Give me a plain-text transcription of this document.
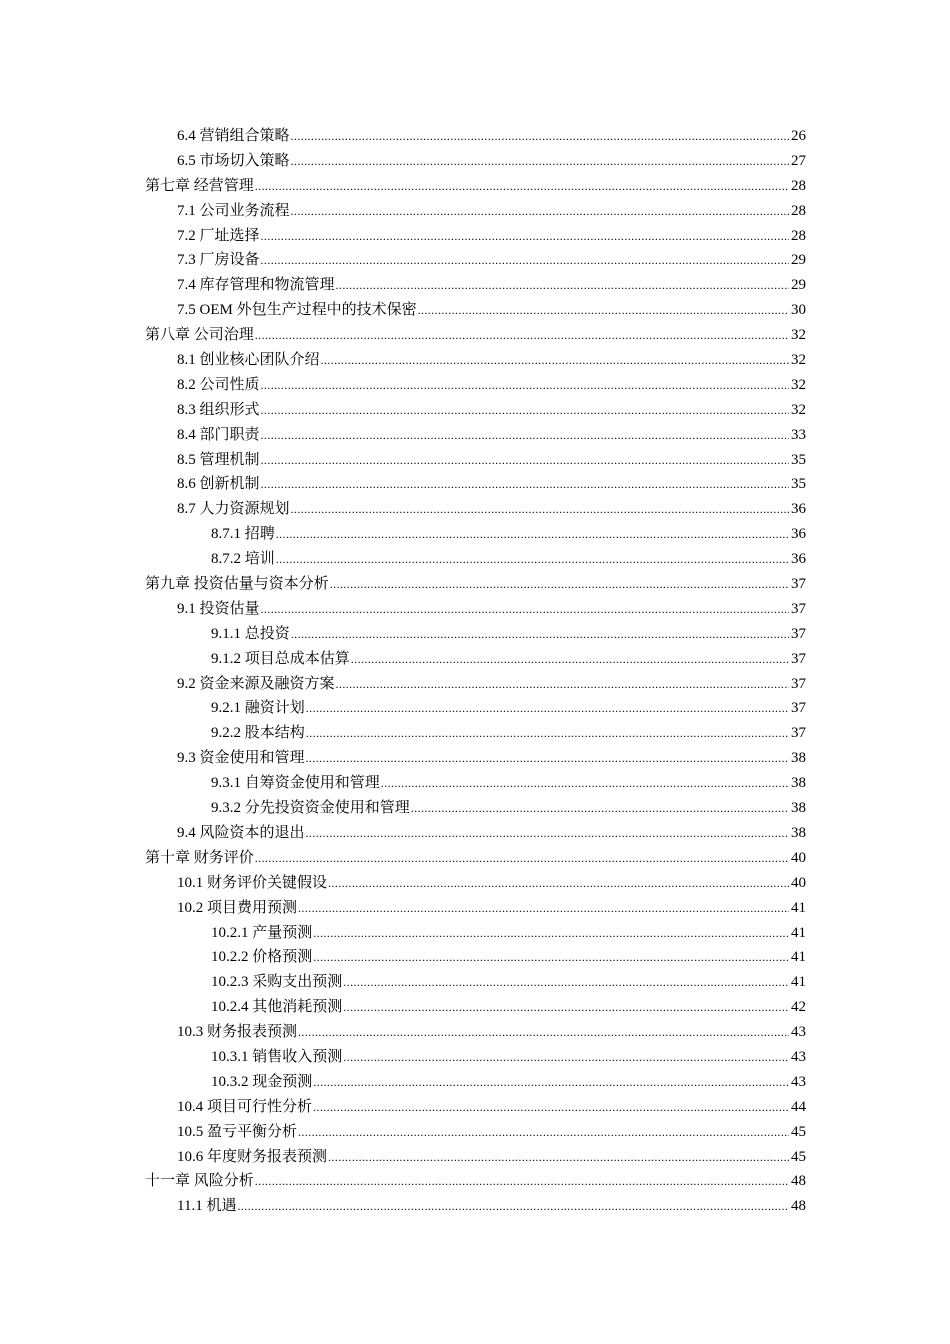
6.4 营销组合策略 .....	26
6.5 市场切入策略 .....	27
第七章 经营管理 .....	28
7.1 公司业务流程 .....	28
7.2 厂址选择 .....	28
7.3 厂房设备 .....	29
7.4 库存管理和物流管理 .....	29
7.5 OEM 外包生产过程中的技术保密 .....	30
第八章 公司治理 .....	32
8.1 创业核心团队介绍 .....	32
8.2 公司性质 .....	32
8.3 组织形式 .....	32
8.4 部门职责 .....	33
8.5 管理机制 .....	35
8.6 创新机制 .....	35
8.7 人力资源规划 .....	36
8.7.1 招聘 .....	36
8.7.2 培训 .....	36
第九章 投资估量与资本分析 .....	37
9.1 投资估量 .....	37
9.1.1 总投资 .....	37
9.1.2 项目总成本估算 .....	37
9.2 资金来源及融资方案 .....	37
9.2.1 融资计划 .....	37
9.2.2 股本结构 .....	37
9.3 资金使用和管理 .....	38
9.3.1 自筹资金使用和管理 .....	38
9.3.2 分先投资资金使用和管理 .....	38
9.4 风险资本的退出 .....	38
第十章 财务评价 .....	40
10.1 财务评价关键假设 .....	40
10.2 项目费用预测 .....	41
10.2.1 产量预测 .....	41
10.2.2 价格预测 .....	41
10.2.3 采购支出预测 .....	41
10.2.4 其他消耗预测 .....	42
10.3 财务报表预测 .....	43
10.3.1 销售收入预测 .....	43
10.3.2 现金预测 .....	43
10.4 项目可行性分析 .....	44
10.5 盈亏平衡分析 .....	45
10.6 年度财务报表预测 .....	45
十一章 风险分析 .....	48
11.1 机遇 .....	48
